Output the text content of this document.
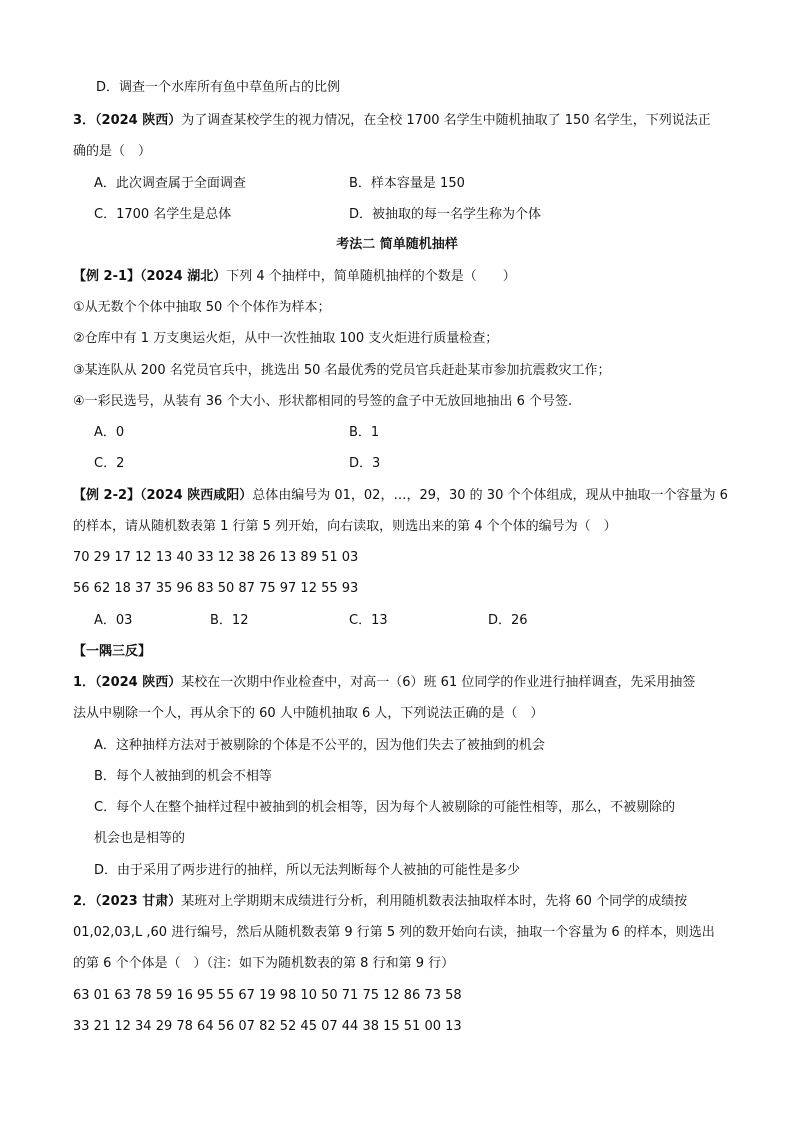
D．调查一个水库所有鱼中草鱼所占的比例
3．（2024 陕西）为了调查某校学生的视力情况，在全校 1700 名学生中随机抽取了 150 名学生，下列说法正
确的是（　）
A．此次调查属于全面调查	B．样本容量是 150
C．1700 名学生是总体	D．被抽取的每一名学生称为个体
考法二 简单随机抽样
【例 2-1】（2024 湖北）下列 4 个抽样中，简单随机抽样的个数是（　　）
①从无数个个体中抽取 50 个个体作为样本；
②仓库中有 1 万支奥运火炬，从中一次性抽取 100 支火炬进行质量检查；
③某连队从 200 名党员官兵中，挑选出 50 名最优秀的党员官兵赶赴某市参加抗震救灾工作；
④一彩民选号，从装有 36 个大小、形状都相同的号签的盒子中无放回地抽出 6 个号签.
A．0	B．1
C．2	D．3
【例 2-2】（2024 陕西咸阳）总体由编号为 01，02，…，29，30 的 30 个个体组成，现从中抽取一个容量为 6
的样本，请从随机数表第 1 行第 5 列开始，向右读取，则选出来的第 4 个个体的编号为（　）
70 29 17 12 13 40 33 12 38 26 13 89 51 03
56 62 18 37 35 96 83 50 87 75 97 12 55 93
A．03	B．12	C．13	D．26
【一隅三反】
1．（2024 陕西）某校在一次期中作业检查中，对高一（6）班 61 位同学的作业进行抽样调查，先采用抽签
法从中剔除一个人，再从余下的 60 人中随机抽取 6 人，下列说法正确的是（　）
A．这种抽样方法对于被剔除的个体是不公平的，因为他们失去了被抽到的机会
B．每个人被抽到的机会不相等
C．每个人在整个抽样过程中被抽到的机会相等，因为每个人被剔除的可能性相等，那么，不被剔除的
机会也是相等的
D．由于采用了两步进行的抽样，所以无法判断每个人被抽的可能性是多少
2．（2023 甘肃）某班对上学期期末成绩进行分析，利用随机数表法抽取样本时，先将 60 个同学的成绩按
01,02,03,L ,60 进行编号，然后从随机数表第 9 行第 5 列的数开始向右读，抽取一个容量为 6 的样本，则选出
的第 6 个个体是（　）（注：如下为随机数表的第 8 行和第 9 行）
63 01 63 78 59 16 95 55 67 19 98 10 50 71 75 12 86 73 58
33 21 12 34 29 78 64 56 07 82 52 45 07 44 38 15 51 00 13
